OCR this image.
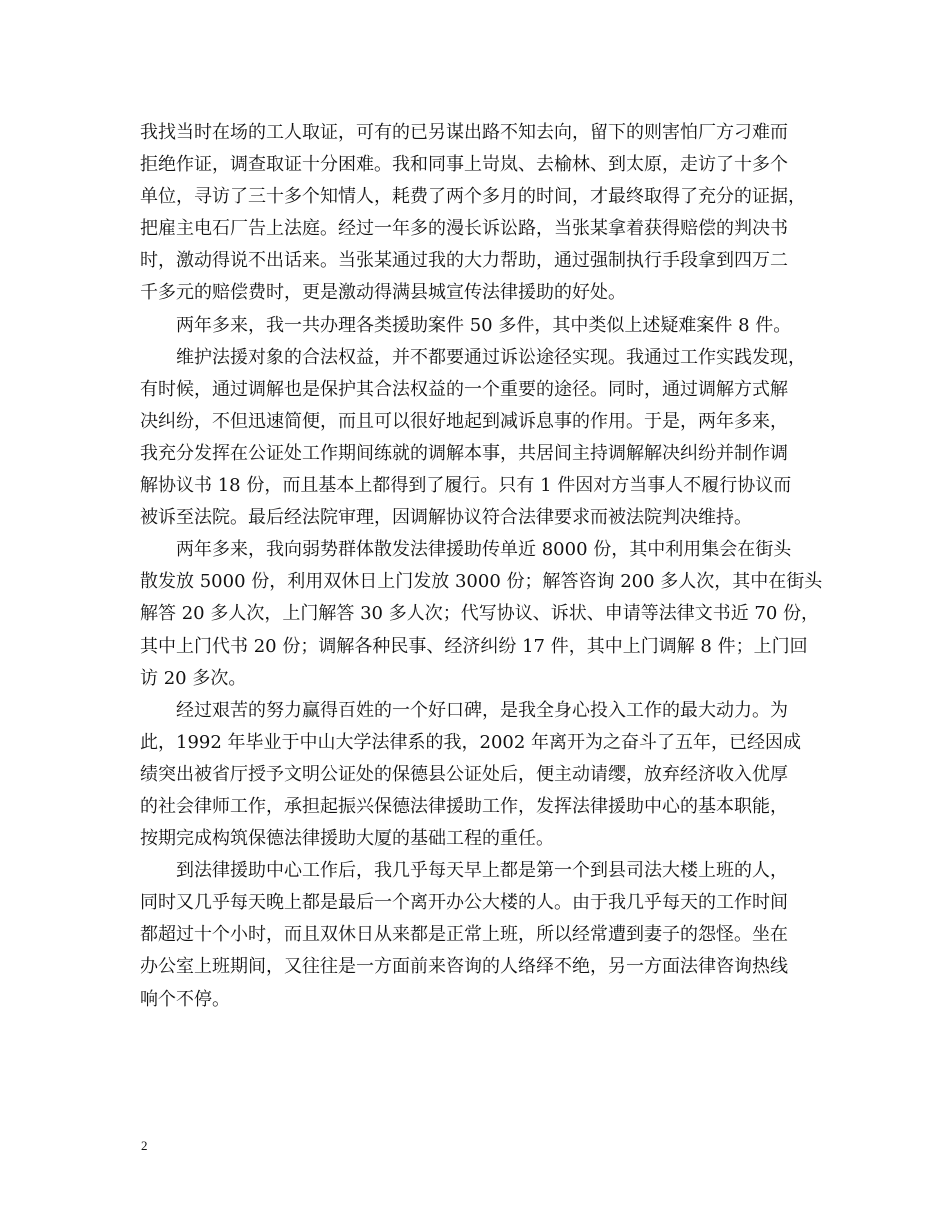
我找当时在场的工人取证，可有的已另谋出路不知去向，留下的则害怕厂方刁难而
拒绝作证，调查取证十分困难。我和同事上岢岚、去榆林、到太原，走访了十多个
单位，寻访了三十多个知情人，耗费了两个多月的时间，才最终取得了充分的证据，
把雇主电石厂告上法庭。经过一年多的漫长诉讼路，当张某拿着获得赔偿的判决书
时，激动得说不出话来。当张某通过我的大力帮助，通过强制执行手段拿到四万二
千多元的赔偿费时，更是激动得满县城宣传法律援助的好处。
两年多来，我一共办理各类援助案件 50 多件，其中类似上述疑难案件 8 件。
维护法援对象的合法权益，并不都要通过诉讼途径实现。我通过工作实践发现，
有时候，通过调解也是保护其合法权益的一个重要的途径。同时，通过调解方式解
决纠纷，不但迅速简便，而且可以很好地起到减诉息事的作用。于是，两年多来，
我充分发挥在公证处工作期间练就的调解本事，共居间主持调解解决纠纷并制作调
解协议书 18 份，而且基本上都得到了履行。只有 1 件因对方当事人不履行协议而
被诉至法院。最后经法院审理，因调解协议符合法律要求而被法院判决维持。
两年多来，我向弱势群体散发法律援助传单近 8000 份，其中利用集会在街头
散发放 5000 份，利用双休日上门发放 3000 份；解答咨询 200 多人次，其中在街头
解答 20 多人次，上门解答 30 多人次；代写协议、诉状、申请等法律文书近 70 份，
其中上门代书 20 份；调解各种民事、经济纠纷 17 件，其中上门调解 8 件；上门回
访 20 多次。
经过艰苦的努力赢得百姓的一个好口碑，是我全身心投入工作的最大动力。为
此，1992 年毕业于中山大学法律系的我，2002 年离开为之奋斗了五年，已经因成
绩突出被省厅授予文明公证处的保德县公证处后，便主动请缨，放弃经济收入优厚
的社会律师工作，承担起振兴保德法律援助工作，发挥法律援助中心的基本职能，
按期完成构筑保德法律援助大厦的基础工程的重任。
到法律援助中心工作后，我几乎每天早上都是第一个到县司法大楼上班的人，
同时又几乎每天晚上都是最后一个离开办公大楼的人。由于我几乎每天的工作时间
都超过十个小时，而且双休日从来都是正常上班，所以经常遭到妻子的怨怪。坐在
办公室上班期间，又往往是一方面前来咨询的人络绎不绝，另一方面法律咨询热线
响个不停。
2
